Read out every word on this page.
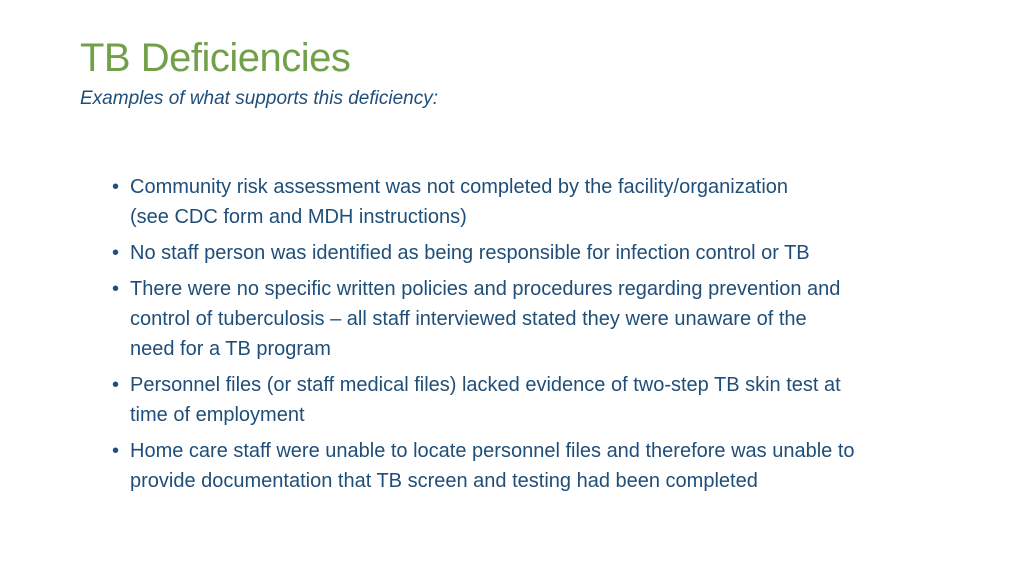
TB Deficiencies

Examples of what supports this deficiency:

• Community risk assessment was not completed by the facility/organization
(see CDC form and MDH instructions)
• No staff person was identified as being responsible for infection control or TB
• There were no specific written policies and procedures regarding prevention and
control of tuberculosis – all staff interviewed stated they were unaware of the
need for a TB program
• Personnel files (or staff medical files) lacked evidence of two-step TB skin test at
time of employment
• Home care staff were unable to locate personnel files and therefore was unable to
provide documentation that TB screen and testing had been completed
